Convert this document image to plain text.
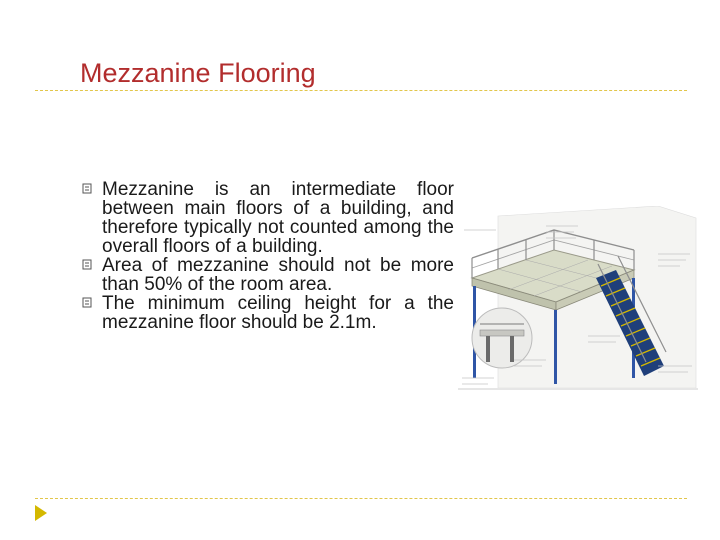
Mezzanine Flooring
Mezzanine is an intermediate floor between main floors of a building, and therefore typically not counted among the overall floors of a building.
Area of mezzanine should not be more than 50% of the room area.
The minimum ceiling height for a the mezzanine floor should be 2.1m.
